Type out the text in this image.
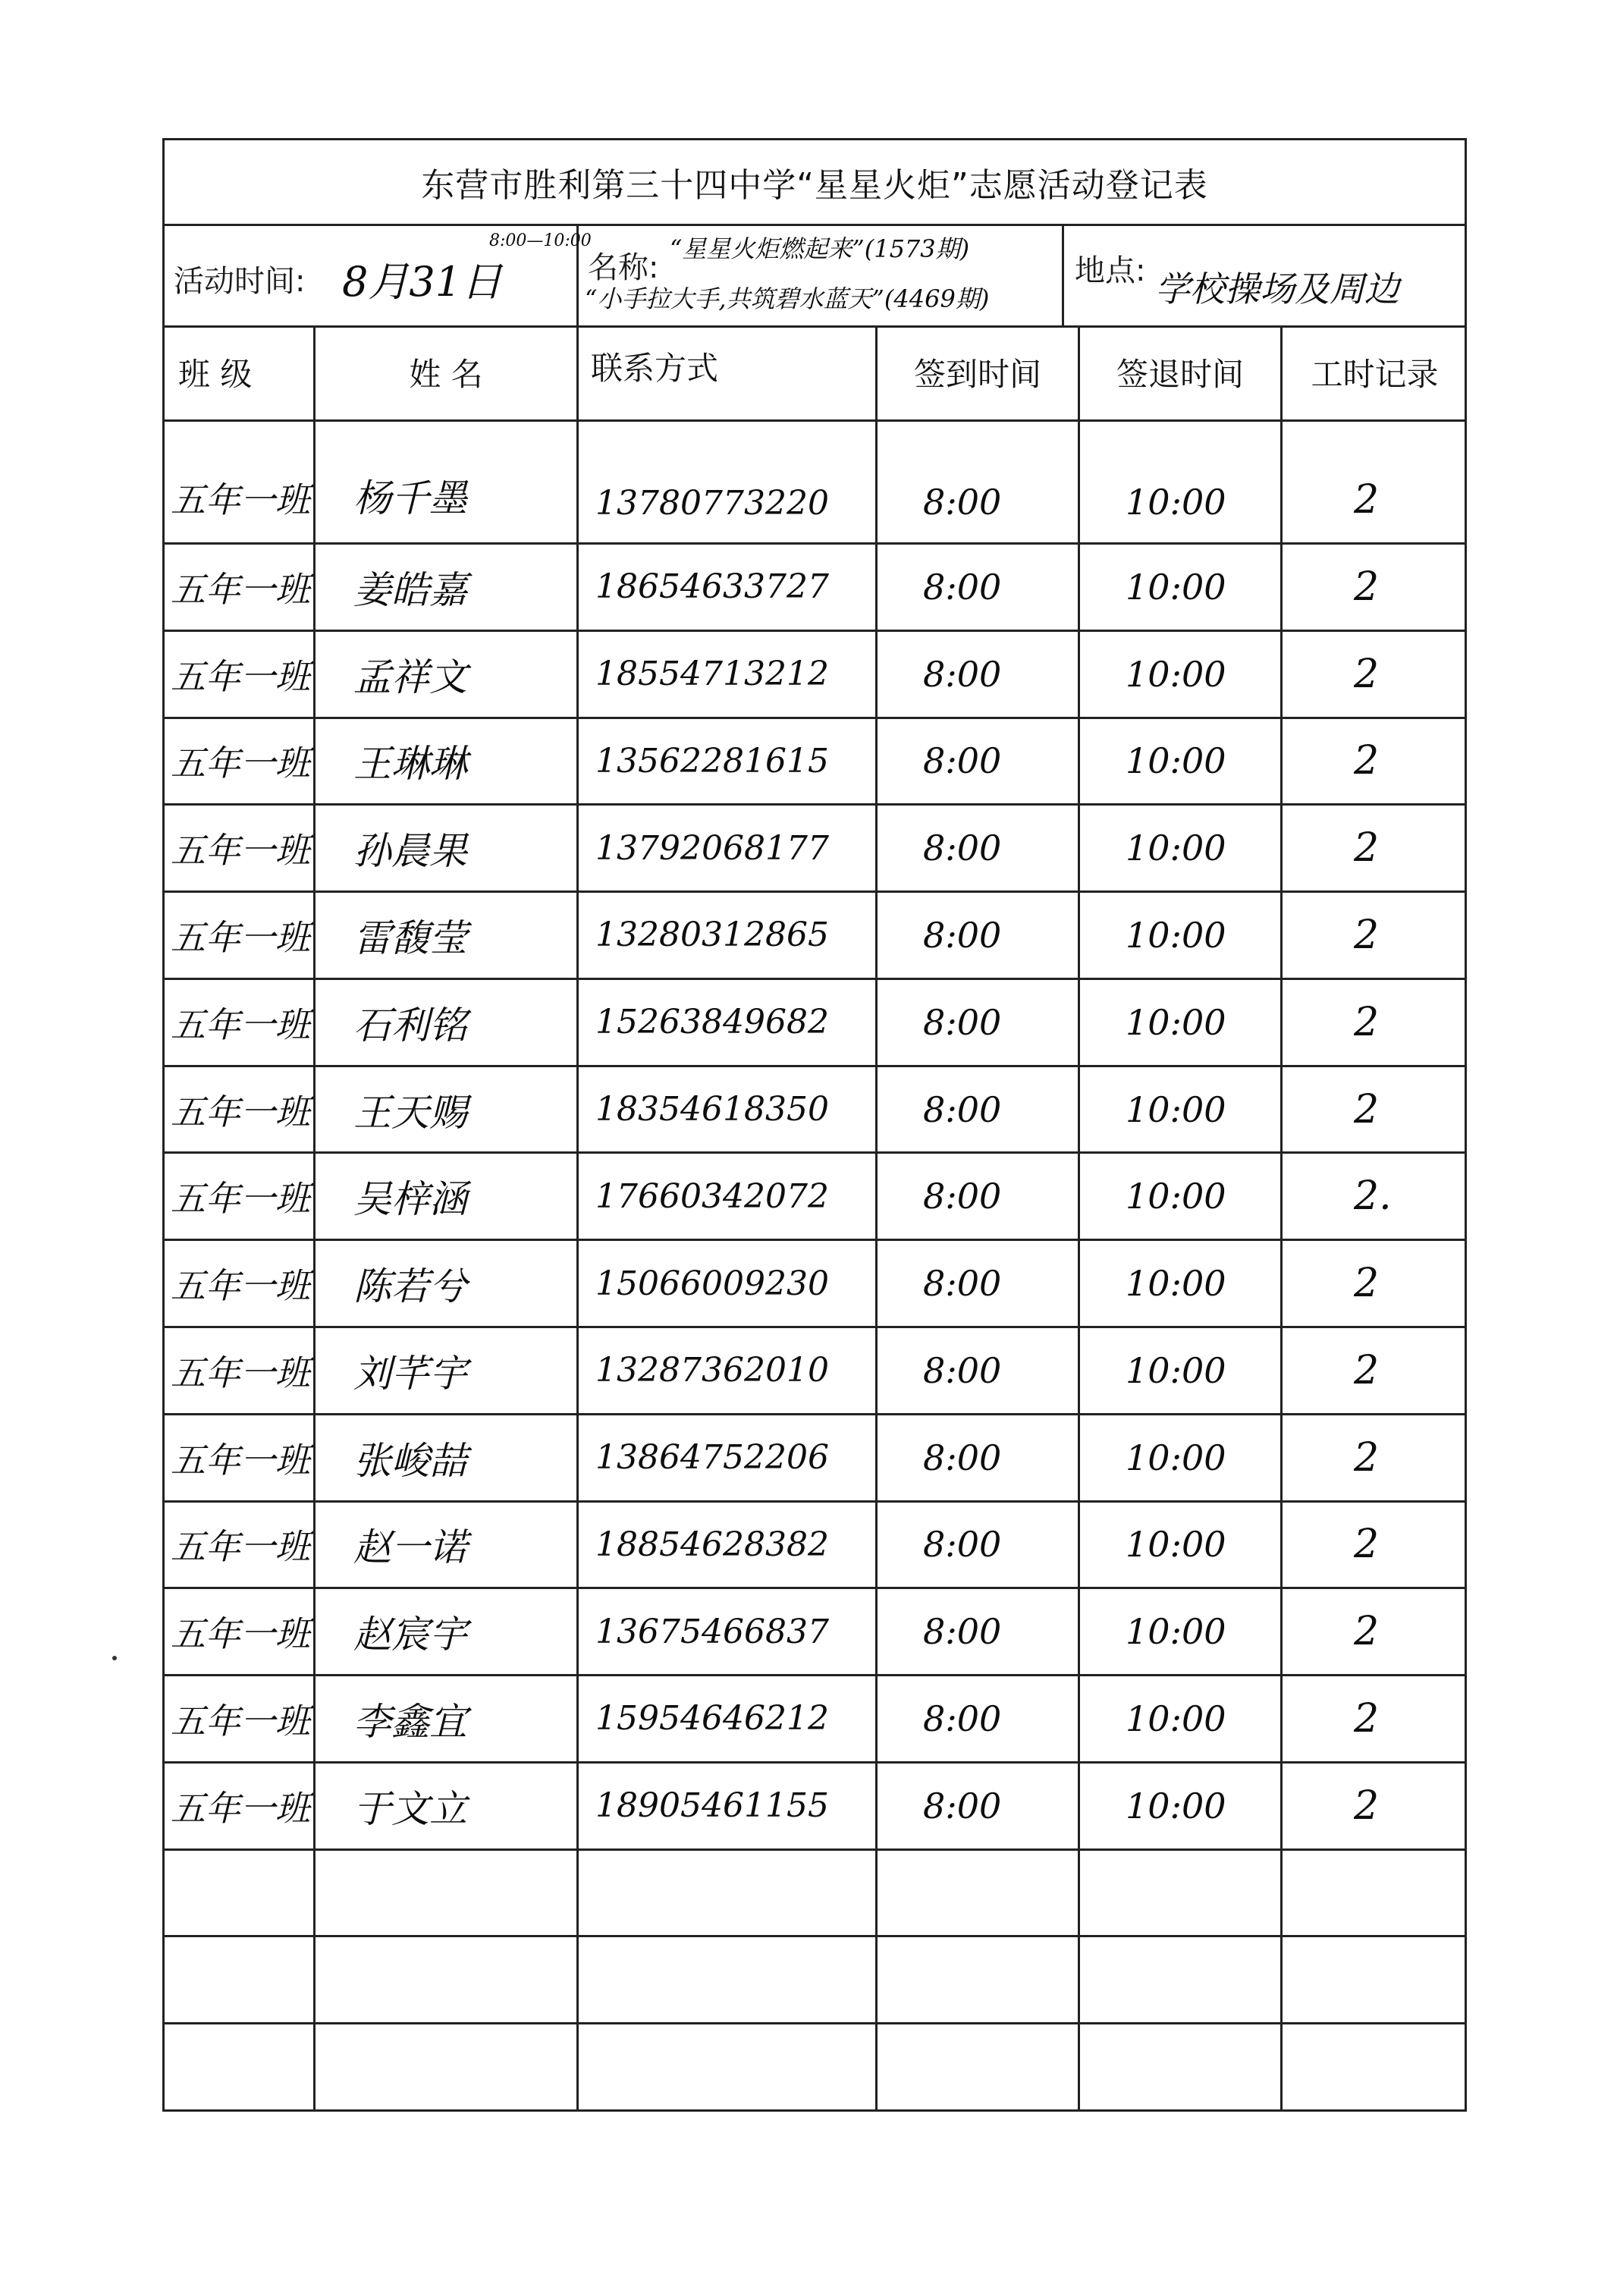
东营市胜利第三十四中学“星星火炬”志愿活动登记表
活动时间: 8月31日
8:00—10:00
名称:
“星星火炬燃起来”(1573期)
“小手拉大手,共筑碧水蓝天”(4469期)
地点: 学校操场及周边
班 级	姓 名	联系方式	签到时间	签退时间	工时记录
五年一班	杨千墨	13780773220	8:00	10:00	2
五年一班	姜皓嘉	18654633727	8:00	10:00	2
五年一班	孟祥文	18554713212	8:00	10:00	2
五年一班	王琳琳	13562281615	8:00	10:00	2
五年一班	孙晨果	13792068177	8:00	10:00	2
五年一班	雷馥莹	13280312865	8:00	10:00	2
五年一班	石利铭	15263849682	8:00	10:00	2
五年一班	王天赐	18354618350	8:00	10:00	2
五年一班	吴梓涵	17660342072	8:00	10:00	2.
五年一班	陈若兮	15066009230	8:00	10:00	2
五年一班	刘芊宇	13287362010	8:00	10:00	2
五年一班	张峻喆	13864752206	8:00	10:00	2
五年一班	赵一诺	18854628382	8:00	10:00	2
五年一班	赵宸宇	13675466837	8:00	10:00	2
五年一班	李鑫宜	15954646212	8:00	10:00	2
五年一班	于文立	18905461155	8:00	10:00	2
